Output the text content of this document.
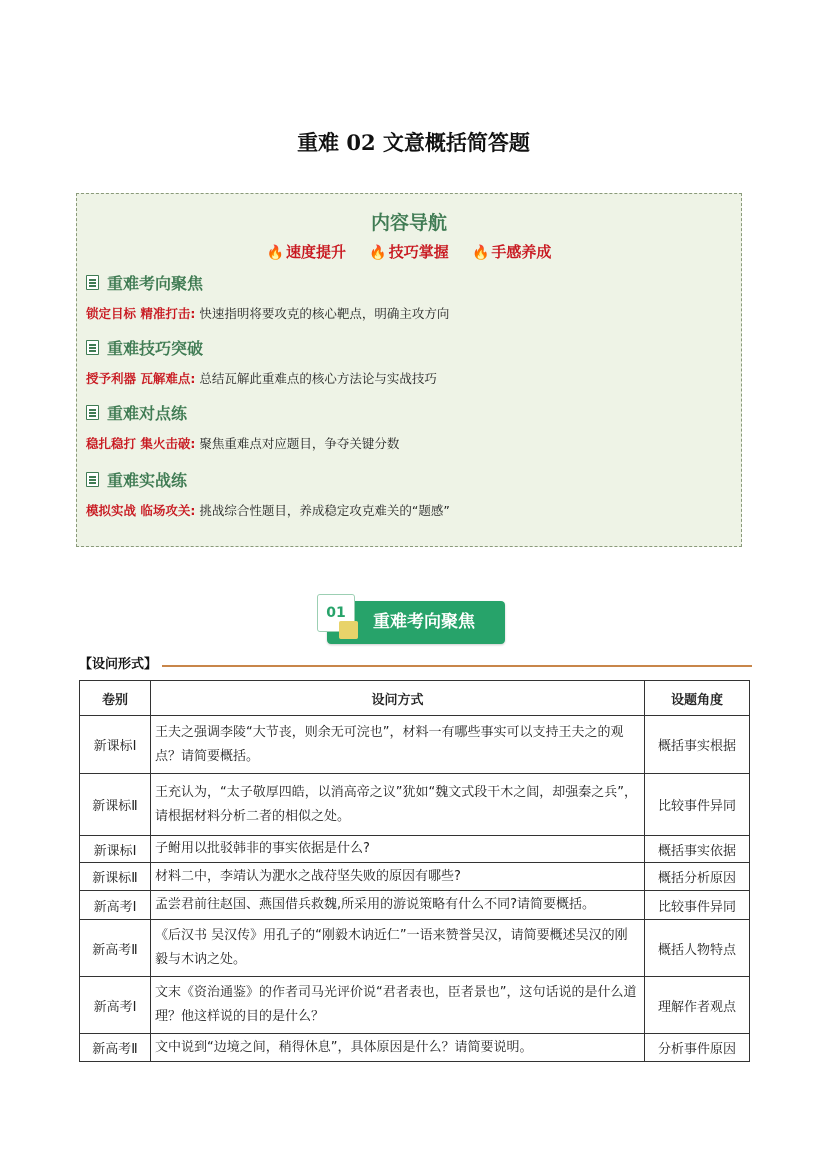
重难 02 文意概括简答题
内容导航
🔥 速度提升 🔥 技巧掌握 🔥 手感养成
重难考向聚焦
锁定目标 精准打击: 快速指明将要攻克的核心靶点，明确主攻方向
重难技巧突破
授予利器 瓦解难点: 总结瓦解此重难点的核心方法论与实战技巧
重难对点练
稳扎稳打 集火击破: 聚焦重难点对应题目，争夺关键分数
重难实战练
模拟实战 临场攻关: 挑战综合性题目，养成稳定攻克难关的“题感”
01	重难考向聚焦
【设问形式】
卷别	设问方式	设题角度
新课标Ⅰ	王夫之强调李陵“大节丧，则余无可浣也”，材料一有哪些事实可以支持王夫之的观点？请简要概括。	概括事实根据
新课标Ⅱ	王充认为，“太子敬厚四皓，以消高帝之议”犹如“魏文式段干木之闾，却强秦之兵”，请根据材料分析二者的相似之处。	比较事件异同
新课标Ⅰ	子鲋用以批驳韩非的事实依据是什么?	概括事实依据
新课标Ⅱ	材料二中，李靖认为淝水之战苻坚失败的原因有哪些?	概括分析原因
新高考Ⅰ	孟尝君前往赵国、燕国借兵救魏,所采用的游说策略有什么不同?请简要概括。	比较事件异同
新高考Ⅱ	《后汉书 吴汉传》用孔子的“刚毅木讷近仁”一语来赞誉吴汉，请简要概述吴汉的刚毅与木讷之处。	概括人物特点
新高考Ⅰ	文末《资治通鉴》的作者司马光评价说“君者表也，臣者景也”，这句话说的是什么道理？他这样说的目的是什么？	理解作者观点
新高考Ⅱ	文中说到“边境之间，稍得休息”，具体原因是什么？请简要说明。	分析事件原因
